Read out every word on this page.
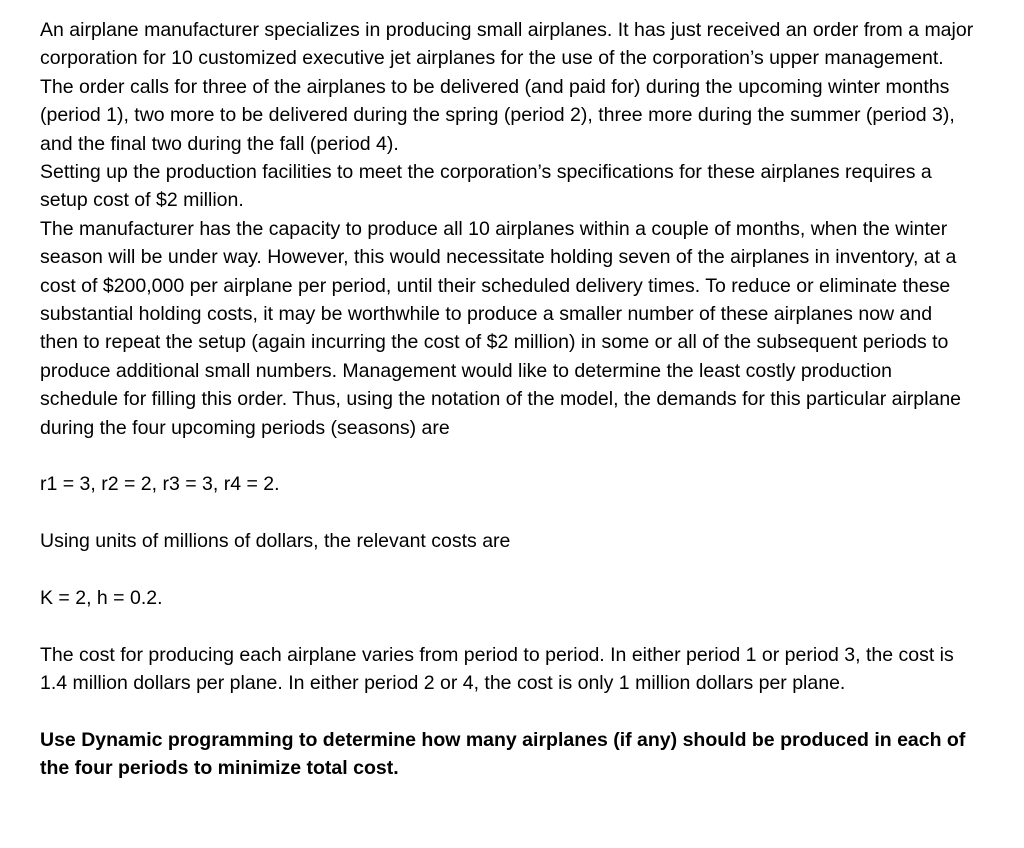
An airplane manufacturer specializes in producing small airplanes. It has just received an order from a major corporation for 10 customized executive jet airplanes for the use of the corporation’s upper management. The order calls for three of the airplanes to be delivered (and paid for) during the upcoming winter months (period 1), two more to be delivered during the spring (period 2), three more during the summer (period 3), and the final two during the fall (period 4).

Setting up the production facilities to meet the corporation’s specifications for these airplanes requires a setup cost of $2 million.

The manufacturer has the capacity to produce all 10 airplanes within a couple of months, when the winter season will be under way. However, this would necessitate holding seven of the airplanes in inventory, at a cost of $200,000 per airplane per period, until their scheduled delivery times. To reduce or eliminate these substantial holding costs, it may be worthwhile to produce a smaller number of these airplanes now and then to repeat the setup (again incurring the cost of $2 million) in some or all of the subsequent periods to produce additional small numbers. Management would like to determine the least costly production schedule for filling this order. Thus, using the notation of the model, the demands for this particular airplane during the four upcoming periods (seasons) are

r1 = 3, r2 = 2, r3 = 3, r4 = 2.

Using units of millions of dollars, the relevant costs are

K = 2, h = 0.2.

The cost for producing each airplane varies from period to period. In either period 1 or period 3, the cost is 1.4 million dollars per plane. In either period 2 or 4, the cost is only 1 million dollars per plane.

Use Dynamic programming to determine how many airplanes (if any) should be produced in each of the four periods to minimize total cost.
